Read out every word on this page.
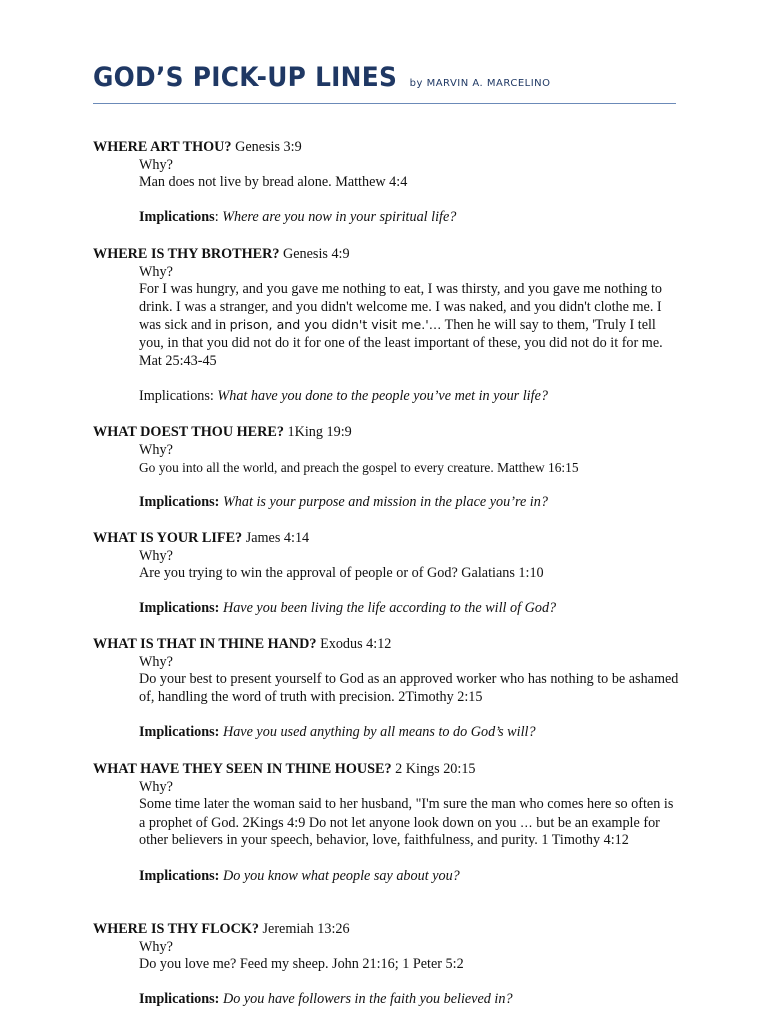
GOD’S PICK-UP LINES by MARVIN A. MARCELINO
WHERE ART THOU? Genesis 3:9
Why?
Man does not live by bread alone. Matthew 4:4
Implications: Where are you now in your spiritual life?
WHERE IS THY BROTHER? Genesis 4:9
Why?
For I was hungry, and you gave me nothing to eat, I was thirsty, and you gave me nothing to drink. I was a stranger, and you didn't welcome me. I was naked, and you didn't clothe me. I was sick and in prison, and you didn't visit me.'… Then he will say to them, 'Truly I tell you, in that you did not do it for one of the least important of these, you did not do it for me. Mat 25:43-45
Implications: What have you done to the people you’ve met in your life?
WHAT DOEST THOU HERE? 1King 19:9
Why?
Go you into all the world, and preach the gospel to every creature. Matthew 16:15
Implications: What is your purpose and mission in the place you’re in?
WHAT IS YOUR LIFE? James 4:14
Why?
Are you trying to win the approval of people or of God? Galatians 1:10
Implications: Have you been living the life according to the will of God?
WHAT IS THAT IN THINE HAND? Exodus 4:12
Why?
Do your best to present yourself to God as an approved worker who has nothing to be ashamed of, handling the word of truth with precision. 2Timothy 2:15
Implications: Have you used anything by all means to do God’s will?
WHAT HAVE THEY SEEN IN THINE HOUSE? 2 Kings 20:15
Why?
Some time later the woman said to her husband, "I'm sure the man who comes here so often is a prophet of God. 2Kings 4:9 Do not let anyone look down on you … but be an example for other believers in your speech, behavior, love, faithfulness, and purity. 1 Timothy 4:12
Implications: Do you know what people say about you?
WHERE IS THY FLOCK? Jeremiah 13:26
Why?
Do you love me? Feed my sheep. John 21:16; 1 Peter 5:2
Implications: Do you have followers in the faith you believed in?
